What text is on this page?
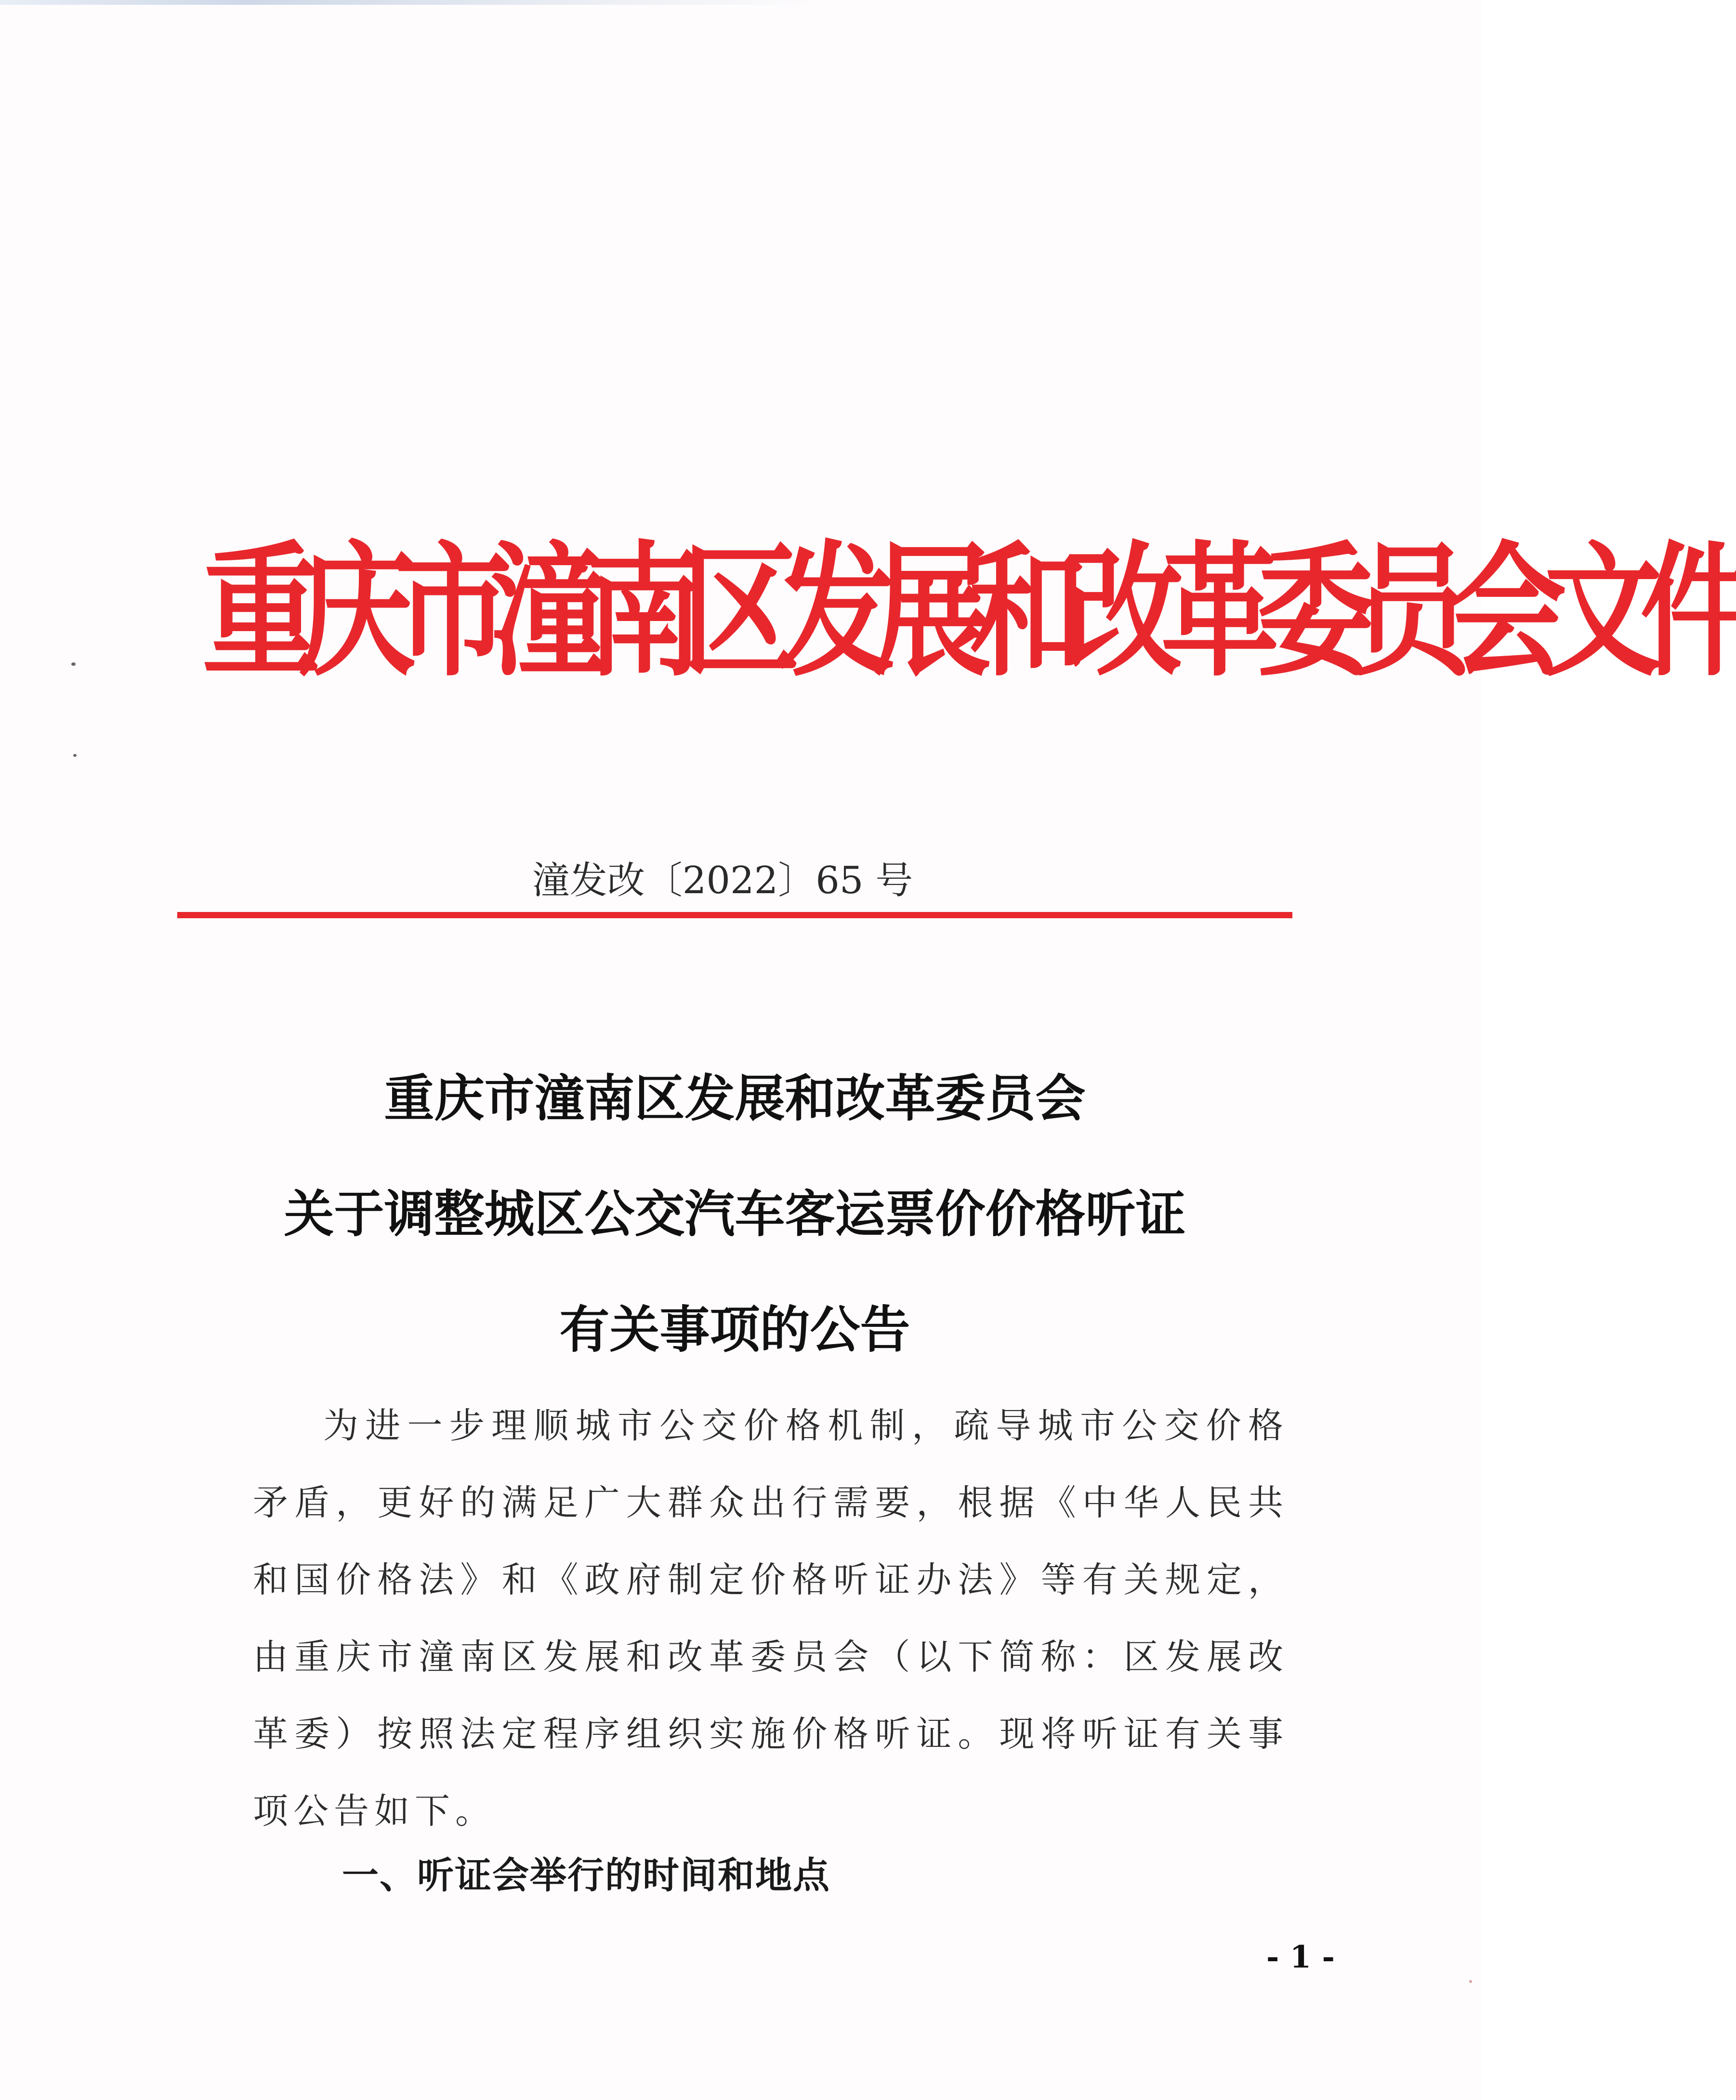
重庆市潼南区发展和改革委员会文件
潼发改〔2022〕65 号
重庆市潼南区发展和改革委员会
关于调整城区公交汽车客运票价价格听证
有关事项的公告

为进一步理顺城市公交价格机制，疏导城市公交价格矛盾，更好的满足广大群众出行需要，根据《中华人民共和国价格法》和《政府制定价格听证办法》等有关规定，由重庆市潼南区发展和改革委员会（以下简称：区发展改革委）按照法定程序组织实施价格听证。现将听证有关事项公告如下。

一、听证会举行的时间和地点
- 1 -
